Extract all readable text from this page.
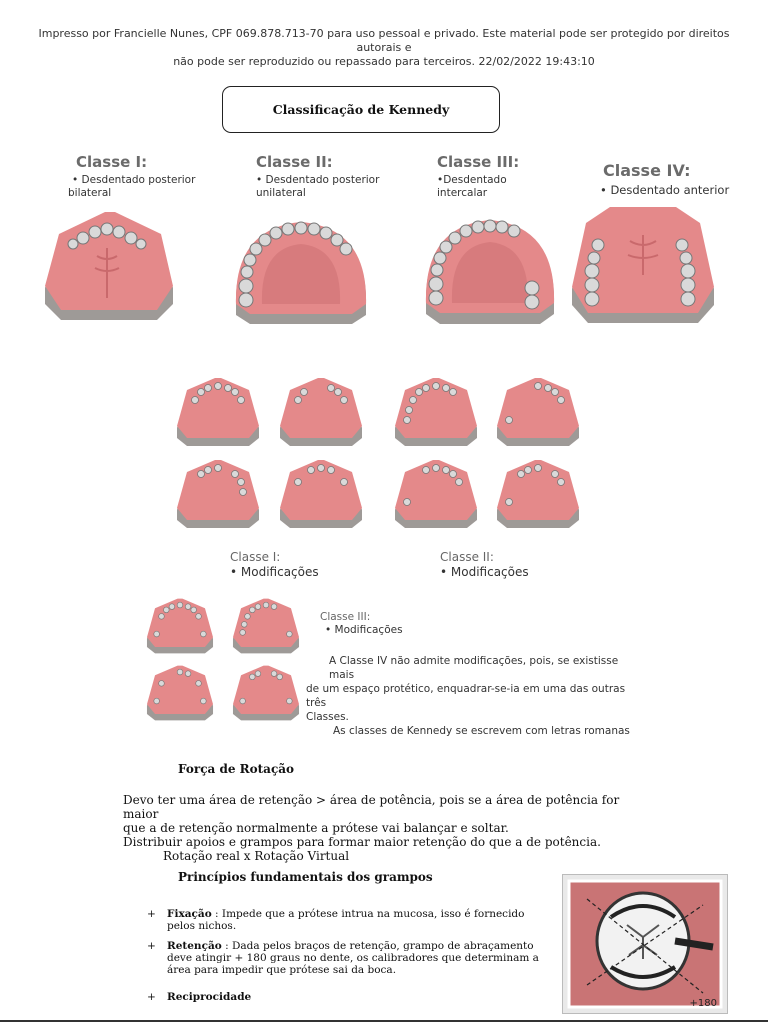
Impresso por Francielle Nunes, CPF 069.878.713-70 para uso pessoal e privado. Este material pode ser protegido por direitos autorais e
não pode ser reproduzido ou repassado para terceiros. 22/02/2022 19:43:10
Classificação de Kennedy
Classe I:
• Desdentado posterior
bilateral
Classe II:
• Desdentado posterior
unilateral
Classe III:
•Desdentado
intercalar
Classe IV:
• Desdentado anterior
Classe I:
• Modificações
Classe II:
• Modificações
Classe III:
• Modificações
A Classe IV não admite modificações, pois, se existisse mais
de um espaço protético, enquadrar-se-ia em uma das outras três
Classes.
As classes de Kennedy se escrevem com letras romanas
Força de Rotação
Devo ter uma área de retenção > área de potência, pois se a área de potência for maior
que a de retenção normalmente a prótese vai balançar e soltar.
Distribuir apoios e grampos para formar maior retenção do que a de potência.
Rotação real x Rotação Virtual
Princípios fundamentais dos grampos
+	Fixação : Impede que a prótese intrua na mucosa, isso é fornecido
pelos nichos.
+	Retenção : Dada pelos braços de retenção, grampo de abraçamento
deve atingir + 180 graus no dente, os calibradores que determinam a
área para impedir que prótese sai da boca.
+	Reciprocidade
+180
